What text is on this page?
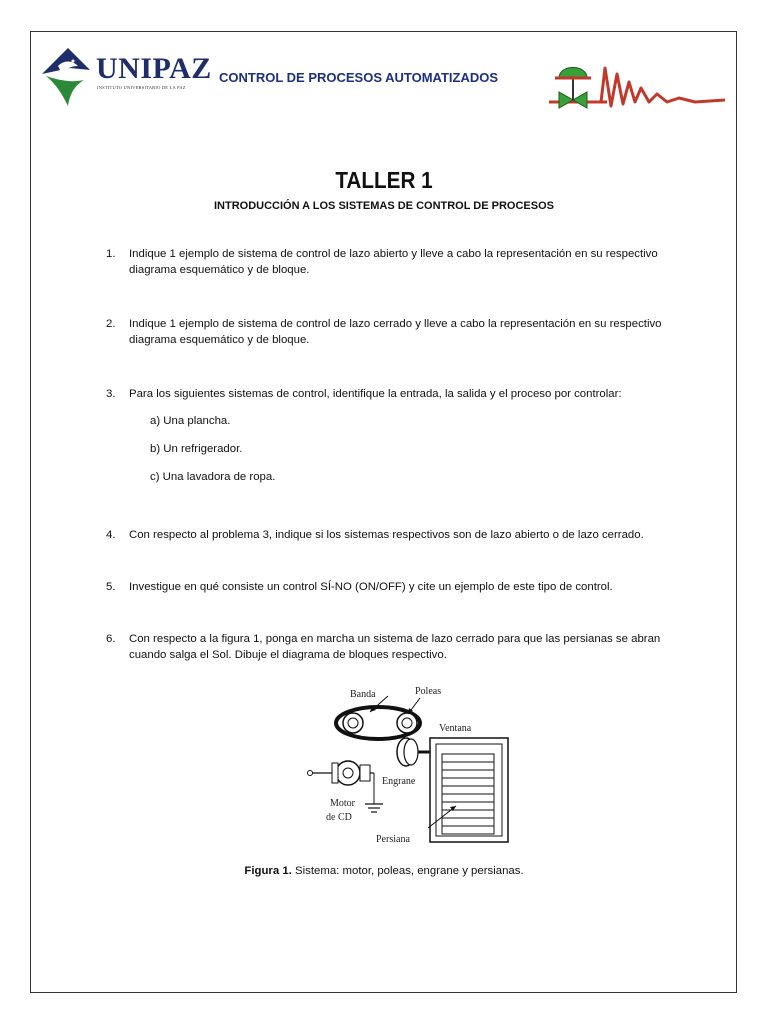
UNIPAZ
INSTITUTO UNIVERSITARIO DE LA PAZ
CONTROL DE PROCESOS AUTOMATIZADOS
TALLER 1
INTRODUCCIÓN A LOS SISTEMAS DE CONTROL DE PROCESOS
1. Indique 1 ejemplo de sistema de control de lazo abierto y lleve a cabo la representación en su respectivo
diagrama esquemático y de bloque.
2. Indique 1 ejemplo de sistema de control de lazo cerrado y lleve a cabo la representación en su respectivo
diagrama esquemático y de bloque.
3. Para los siguientes sistemas de control, identifique la entrada, la salida y el proceso por controlar:
a) Una plancha.
b) Un refrigerador.
c) Una lavadora de ropa.
4. Con respecto al problema 3, indique si los sistemas respectivos son de lazo abierto o de lazo cerrado.
5. Investigue en qué consiste un control SÍ-NO (ON/OFF) y cite un ejemplo de este tipo de control.
6. Con respecto a la figura 1, ponga en marcha un sistema de lazo cerrado para que las persianas se abran
cuando salga el Sol. Dibuje el diagrama de bloques respectivo.
Banda	Poleas
Ventana
Engrane
Motor
de CD
Persiana
Figura 1. Sistema: motor, poleas, engrane y persianas.
